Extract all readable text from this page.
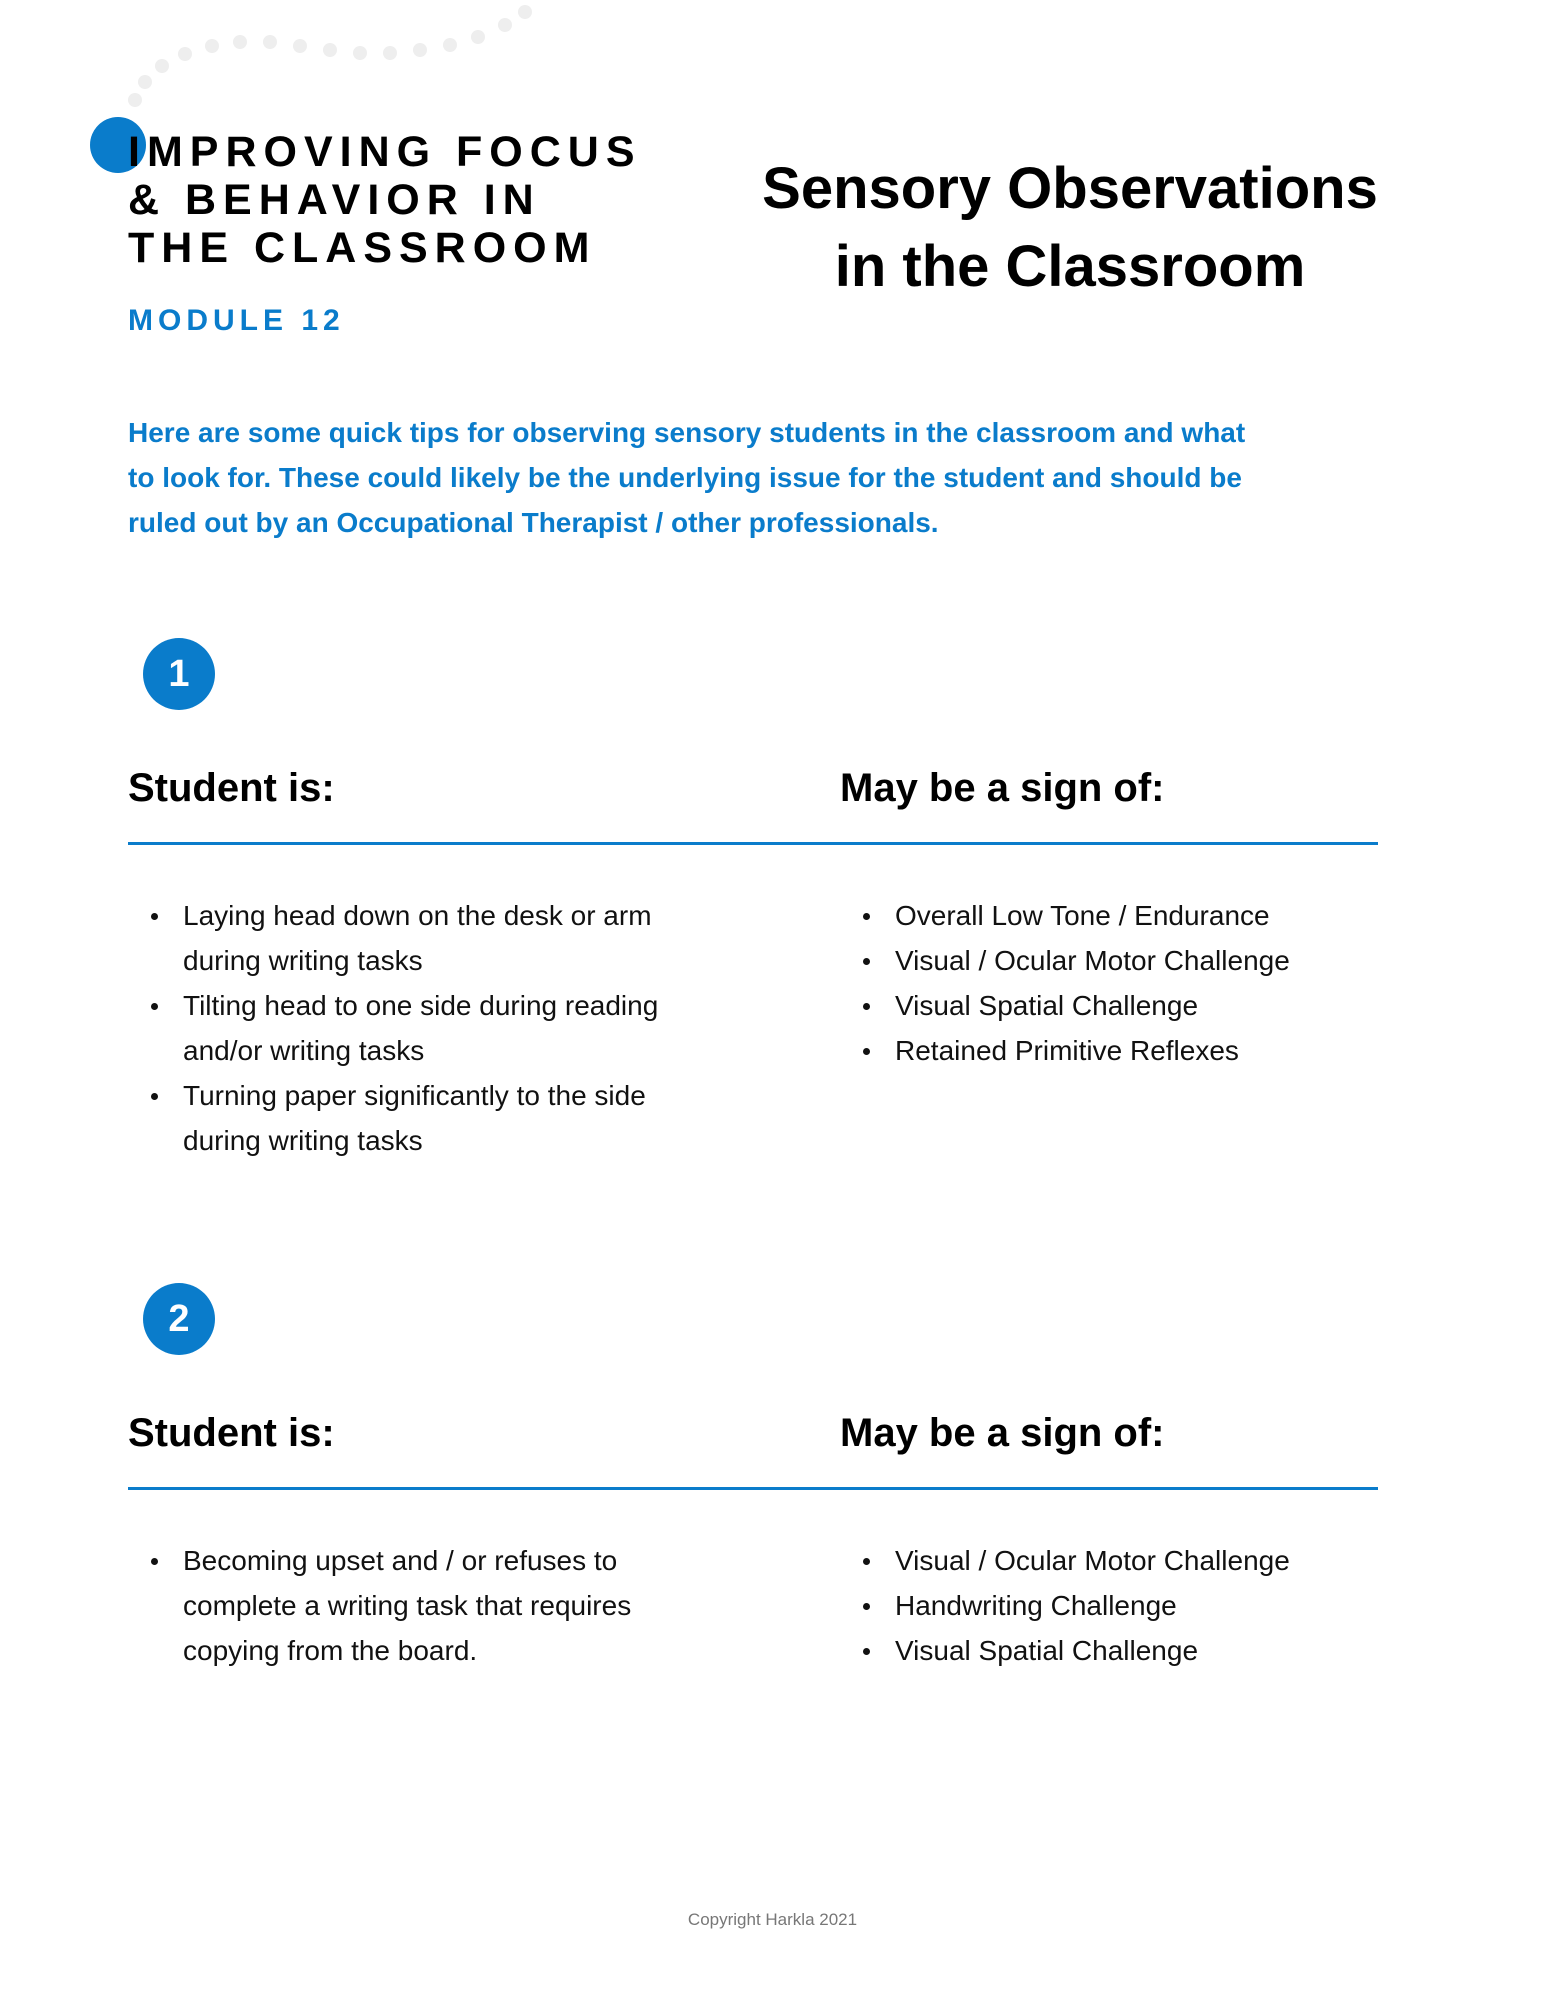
IMPROVING FOCUS
& BEHAVIOR IN
THE CLASSROOM

MODULE 12

Sensory Observations
in the Classroom

Here are some quick tips for observing sensory students in the classroom and what
to look for. These could likely be the underlying issue for the student and should be
ruled out by an Occupational Therapist / other professionals.

1
Student is:	May be a sign of:
Laying head down on the desk or arm
during writing tasks
Tilting head to one side during reading
and/or writing tasks
Turning paper significantly to the side
during writing tasks
Overall Low Tone / Endurance
Visual / Ocular Motor Challenge
Visual Spatial Challenge
Retained Primitive Reflexes
2
Student is:	May be a sign of:
Becoming upset and / or refuses to
complete a writing task that requires
copying from the board.
Visual / Ocular Motor Challenge
Handwriting Challenge
Visual Spatial Challenge

Copyright Harkla 2021
